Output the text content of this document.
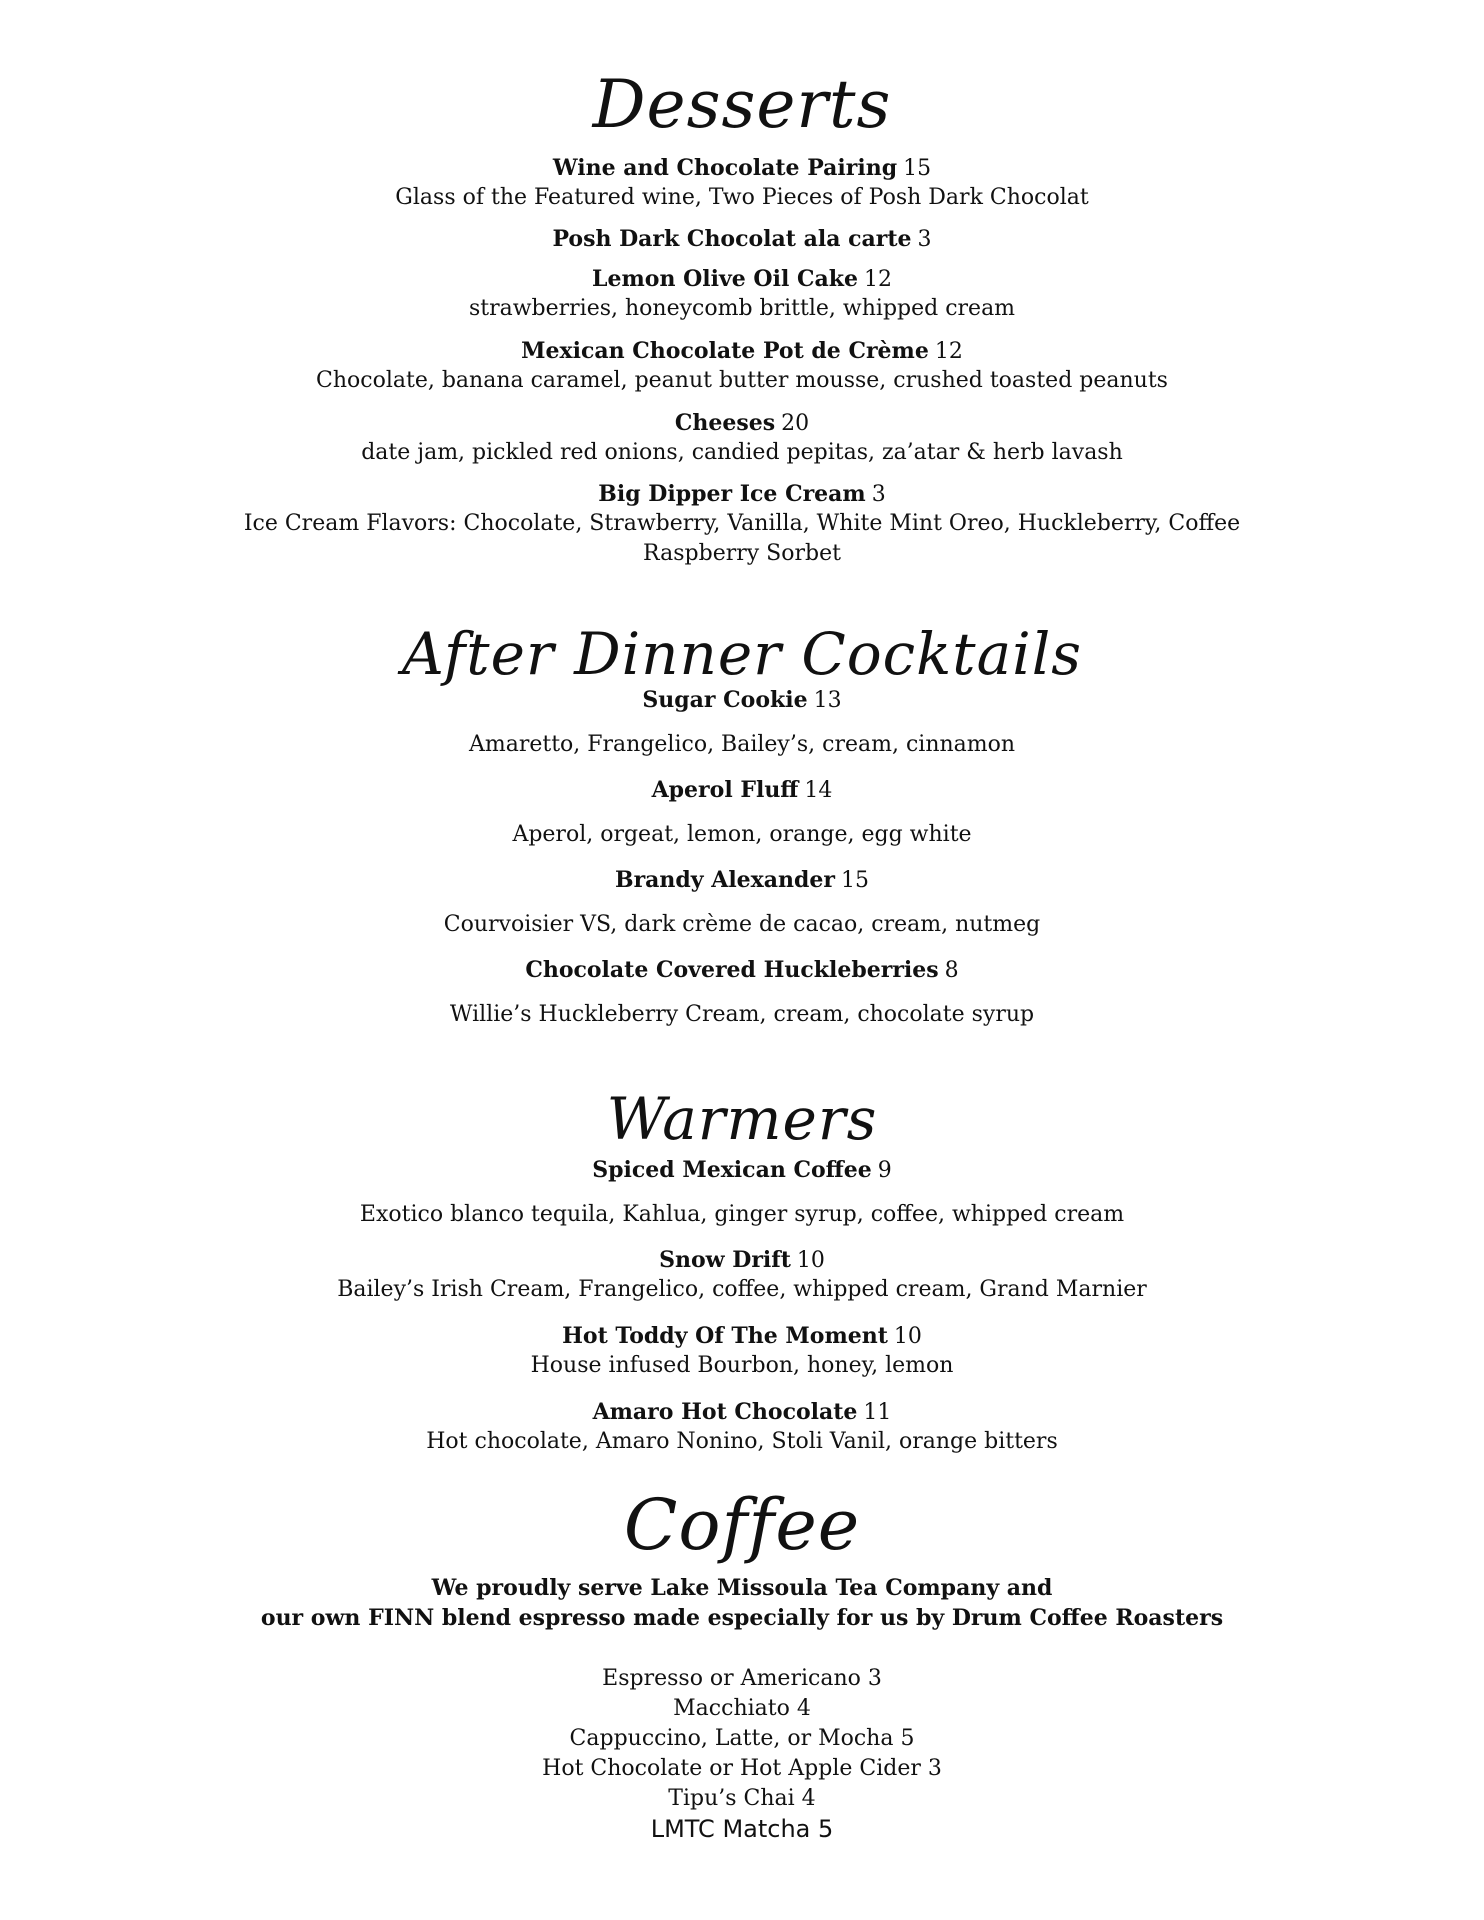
Desserts
Wine and Chocolate Pairing 15
Glass of the Featured wine, Two Pieces of Posh Dark Chocolat
Posh Dark Chocolat ala carte 3
Lemon Olive Oil Cake 12
strawberries, honeycomb brittle, whipped cream
Mexican Chocolate Pot de Crème 12
Chocolate, banana caramel, peanut butter mousse, crushed toasted peanuts
Cheeses 20
date jam, pickled red onions, candied pepitas, za’atar & herb lavash
Big Dipper Ice Cream 3
Ice Cream Flavors: Chocolate, Strawberry, Vanilla, White Mint Oreo, Huckleberry, Coffee
Raspberry Sorbet
After Dinner Cocktails
Sugar Cookie 13
Amaretto, Frangelico, Bailey’s, cream, cinnamon
Aperol Fluff 14
Aperol, orgeat, lemon, orange, egg white
Brandy Alexander 15
Courvoisier VS, dark crème de cacao, cream, nutmeg
Chocolate Covered Huckleberries 8
Willie’s Huckleberry Cream, cream, chocolate syrup
Warmers
Spiced Mexican Coffee 9
Exotico blanco tequila, Kahlua, ginger syrup, coffee, whipped cream
Snow Drift 10
Bailey’s Irish Cream, Frangelico, coffee, whipped cream, Grand Marnier
Hot Toddy Of The Moment 10
House infused Bourbon, honey, lemon
Amaro Hot Chocolate 11
Hot chocolate, Amaro Nonino, Stoli Vanil, orange bitters
Coffee
We proudly serve Lake Missoula Tea Company and
our own FINN blend espresso made especially for us by Drum Coffee Roasters
Espresso or Americano 3
Macchiato 4
Cappuccino, Latte, or Mocha 5
Hot Chocolate or Hot Apple Cider 3
Tipu’s Chai 4
LMTC Matcha 5
